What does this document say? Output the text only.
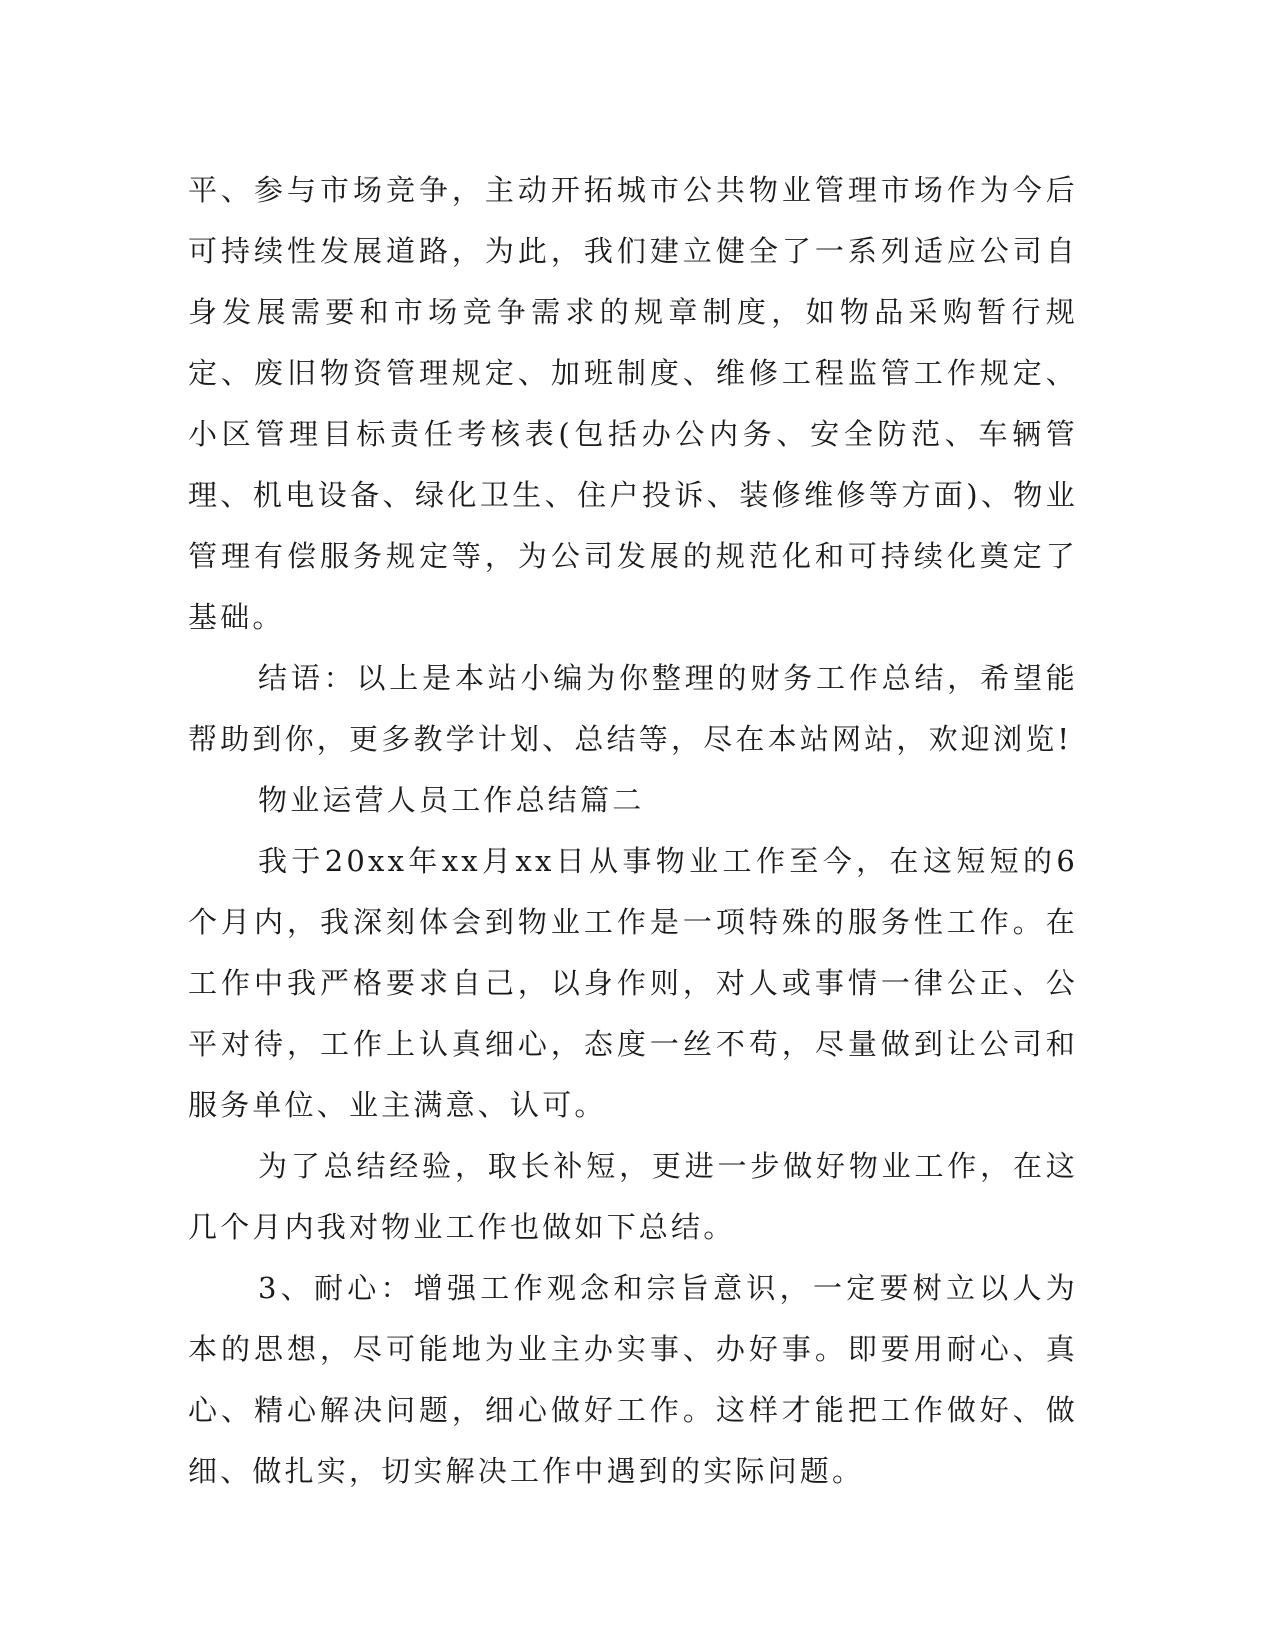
平、参与市场竞争，主动开拓城市公共物业管理市场作为今后可持续性发展道路，为此，我们建立健全了一系列适应公司自身发展需要和市场竞争需求的规章制度，如物品采购暂行规定、废旧物资管理规定、加班制度、维修工程监管工作规定、小区管理目标责任考核表(包括办公内务、安全防范、车辆管理、机电设备、绿化卫生、住户投诉、装修维修等方面)、物业管理有偿服务规定等，为公司发展的规范化和可持续化奠定了基础。

结语：以上是本站小编为你整理的财务工作总结，希望能帮助到你，更多教学计划、总结等，尽在本站网站，欢迎浏览!

物业运营人员工作总结篇二

我于20xx年xx月xx日从事物业工作至今，在这短短的6个月内，我深刻体会到物业工作是一项特殊的服务性工作。在工作中我严格要求自己，以身作则，对人或事情一律公正、公平对待，工作上认真细心，态度一丝不苟，尽量做到让公司和服务单位、业主满意、认可。

为了总结经验，取长补短，更进一步做好物业工作，在这几个月内我对物业工作也做如下总结。

3、耐心：增强工作观念和宗旨意识，一定要树立以人为本的思想，尽可能地为业主办实事、办好事。即要用耐心、真心、精心解决问题，细心做好工作。这样才能把工作做好、做细、做扎实，切实解决工作中遇到的实际问题。
